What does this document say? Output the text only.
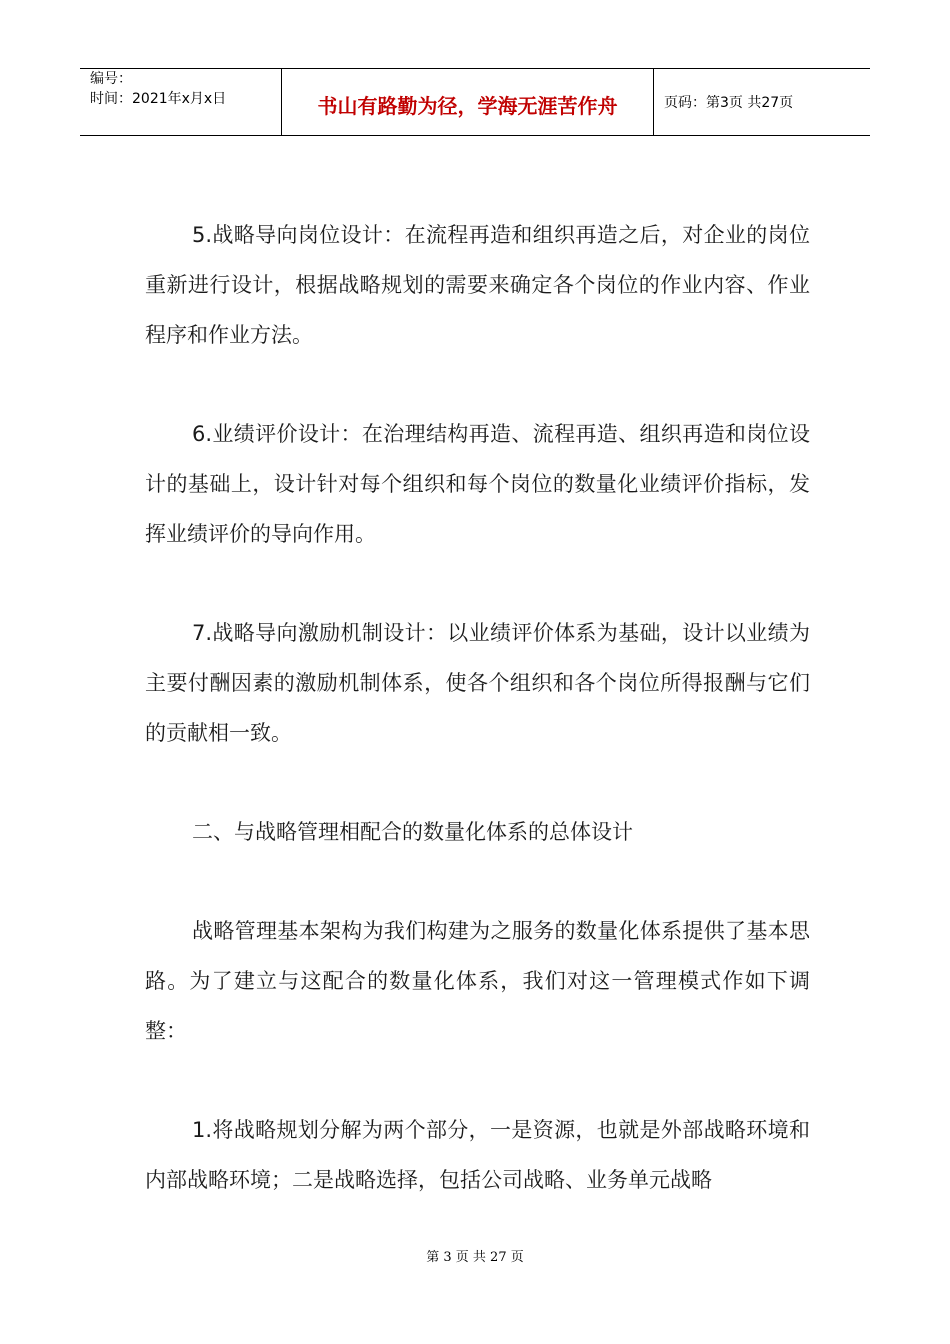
编号：
时间：2021年x月x日	书山有路勤为径，学海无涯苦作舟	页码：第3页 共27页

5.战略导向岗位设计：在流程再造和组织再造之后，对企业的岗位重新进行设计，根据战略规划的需要来确定各个岗位的作业内容、作业程序和作业方法。

6.业绩评价设计：在治理结构再造、流程再造、组织再造和岗位设计的基础上，设计针对每个组织和每个岗位的数量化业绩评价指标，发挥业绩评价的导向作用。

7.战略导向激励机制设计：以业绩评价体系为基础，设计以业绩为主要付酬因素的激励机制体系，使各个组织和各个岗位所得报酬与它们的贡献相一致。

二、与战略管理相配合的数量化体系的总体设计

战略管理基本架构为我们构建为之服务的数量化体系提供了基本思路。为了建立与这配合的数量化体系，我们对这一管理模式作如下调整：

1.将战略规划分解为两个部分，一是资源，也就是外部战略环境和内部战略环境；二是战略选择，包括公司战略、业务单元战略

第 3 页 共 27 页
